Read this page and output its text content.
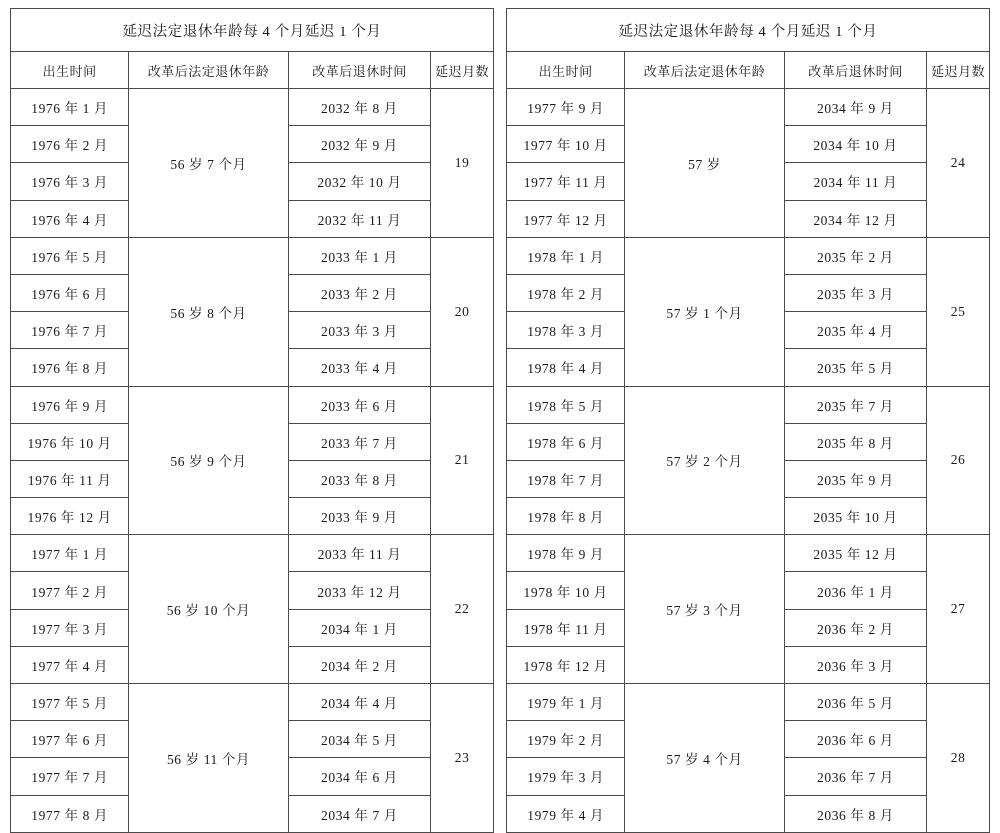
延迟法定退休年龄每 4 个月延迟 1 个月			
出生时间	改革后法定退休年龄	改革后退休时间	延迟月数
1976 年 1 月	56 岁 7 个月	2032 年 8 月	19
1976 年 2 月		2032 年 9 月	
1976 年 3 月		2032 年 10 月	
1976 年 4 月		2032 年 11 月	
1976 年 5 月	56 岁 8 个月	2033 年 1 月	20
1976 年 6 月		2033 年 2 月	
1976 年 7 月		2033 年 3 月	
1976 年 8 月		2033 年 4 月	
1976 年 9 月	56 岁 9 个月	2033 年 6 月	21
1976 年 10 月		2033 年 7 月	
1976 年 11 月		2033 年 8 月	
1976 年 12 月		2033 年 9 月	
1977 年 1 月	56 岁 10 个月	2033 年 11 月	22
1977 年 2 月		2033 年 12 月	
1977 年 3 月		2034 年 1 月	
1977 年 4 月		2034 年 2 月	
1977 年 5 月	56 岁 11 个月	2034 年 4 月	23
1977 年 6 月		2034 年 5 月	
1977 年 7 月		2034 年 6 月	
1977 年 8 月		2034 年 7 月	
延迟法定退休年龄每 4 个月延迟 1 个月			
出生时间	改革后法定退休年龄	改革后退休时间	延迟月数
1977 年 9 月	57 岁	2034 年 9 月	24
1977 年 10 月		2034 年 10 月	
1977 年 11 月		2034 年 11 月	
1977 年 12 月		2034 年 12 月	
1978 年 1 月	57 岁 1 个月	2035 年 2 月	25
1978 年 2 月		2035 年 3 月	
1978 年 3 月		2035 年 4 月	
1978 年 4 月		2035 年 5 月	
1978 年 5 月	57 岁 2 个月	2035 年 7 月	26
1978 年 6 月		2035 年 8 月	
1978 年 7 月		2035 年 9 月	
1978 年 8 月		2035 年 10 月	
1978 年 9 月	57 岁 3 个月	2035 年 12 月	27
1978 年 10 月		2036 年 1 月	
1978 年 11 月		2036 年 2 月	
1978 年 12 月		2036 年 3 月	
1979 年 1 月	57 岁 4 个月	2036 年 5 月	28
1979 年 2 月		2036 年 6 月	
1979 年 3 月		2036 年 7 月	
1979 年 4 月		2036 年 8 月	
